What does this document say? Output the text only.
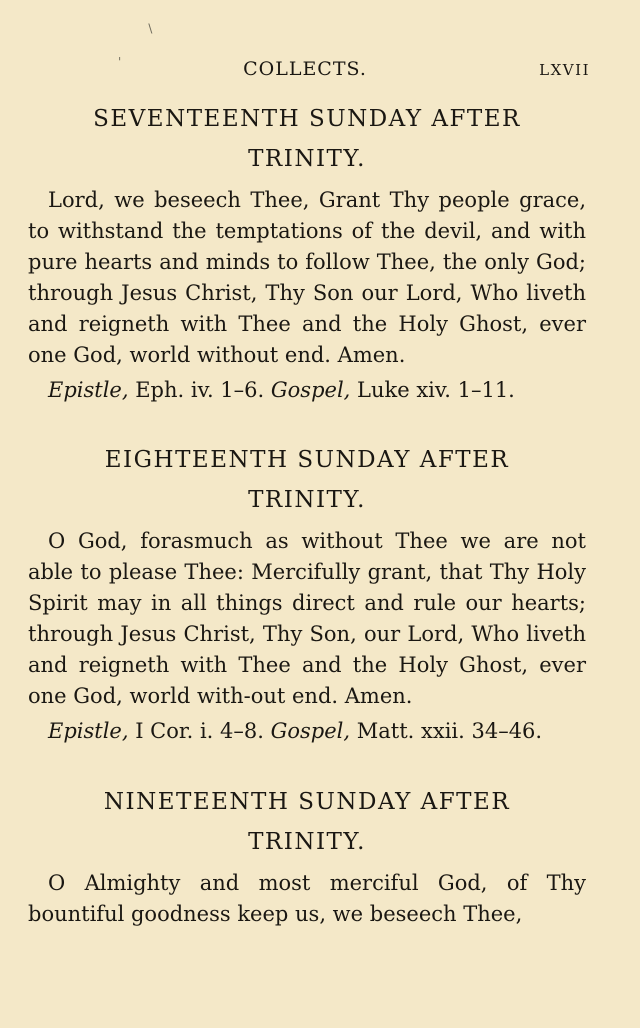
∖
'	COLLECTS.	LXVII
SEVENTEENTH SUNDAY AFTER
TRINITY.

Lord, we beseech Thee, Grant Thy people grace, to withstand the temptations of the devil, and with pure hearts and minds to follow Thee, the only God; through Jesus Christ, Thy Son our Lord, Who liveth and reigneth with Thee and the Holy Ghost, ever one God, world without end. Amen.

Epistle, Eph. iv. 1–6. Gospel, Luke xiv. 1–11.

EIGHTEENTH SUNDAY AFTER
TRINITY.

O God, forasmuch as without Thee we are not able to please Thee: Mercifully grant, that Thy Holy Spirit may in all things direct and rule our hearts; through Jesus Christ, Thy Son, our Lord, Who liveth and reigneth with Thee and the Holy Ghost, ever one God, world with-out end. Amen.

Epistle, I Cor. i. 4–8. Gospel, Matt. xxii. 34–46.

NINETEENTH SUNDAY AFTER
TRINITY.

O Almighty and most merciful God, of Thy bountiful goodness keep us, we beseech Thee,
